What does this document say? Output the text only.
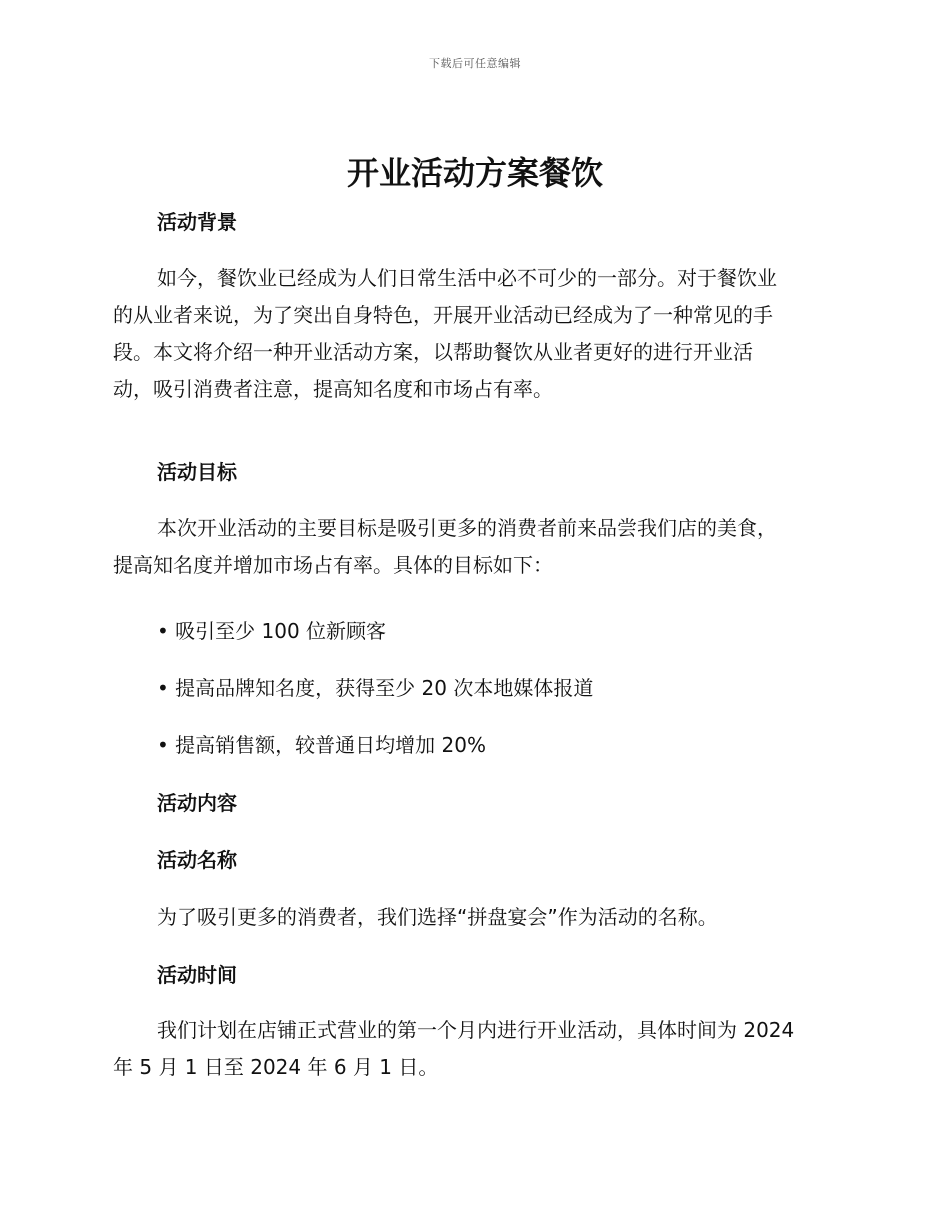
下载后可任意编辑
开业活动方案餐饮
活动背景
如今，餐饮业已经成为人们日常生活中必不可少的一部分。对于餐饮业
的从业者来说，为了突出自身特色，开展开业活动已经成为了一种常见的手
段。本文将介绍一种开业活动方案，以帮助餐饮从业者更好的进行开业活
动，吸引消费者注意，提高知名度和市场占有率。
活动目标
本次开业活动的主要目标是吸引更多的消费者前来品尝我们店的美食，
提高知名度并增加市场占有率。具体的目标如下：

• 吸引至少 100 位新顾客

• 提高品牌知名度，获得至少 20 次本地媒体报道

• 提高销售额，较普通日均增加 20%

活动内容
活动名称

为了吸引更多的消费者，我们选择“拼盘宴会”作为活动的名称。

活动时间
我们计划在店铺正式营业的第一个月内进行开业活动，具体时间为 2024
年 5 月 1 日至 2024 年 6 月 1 日。
